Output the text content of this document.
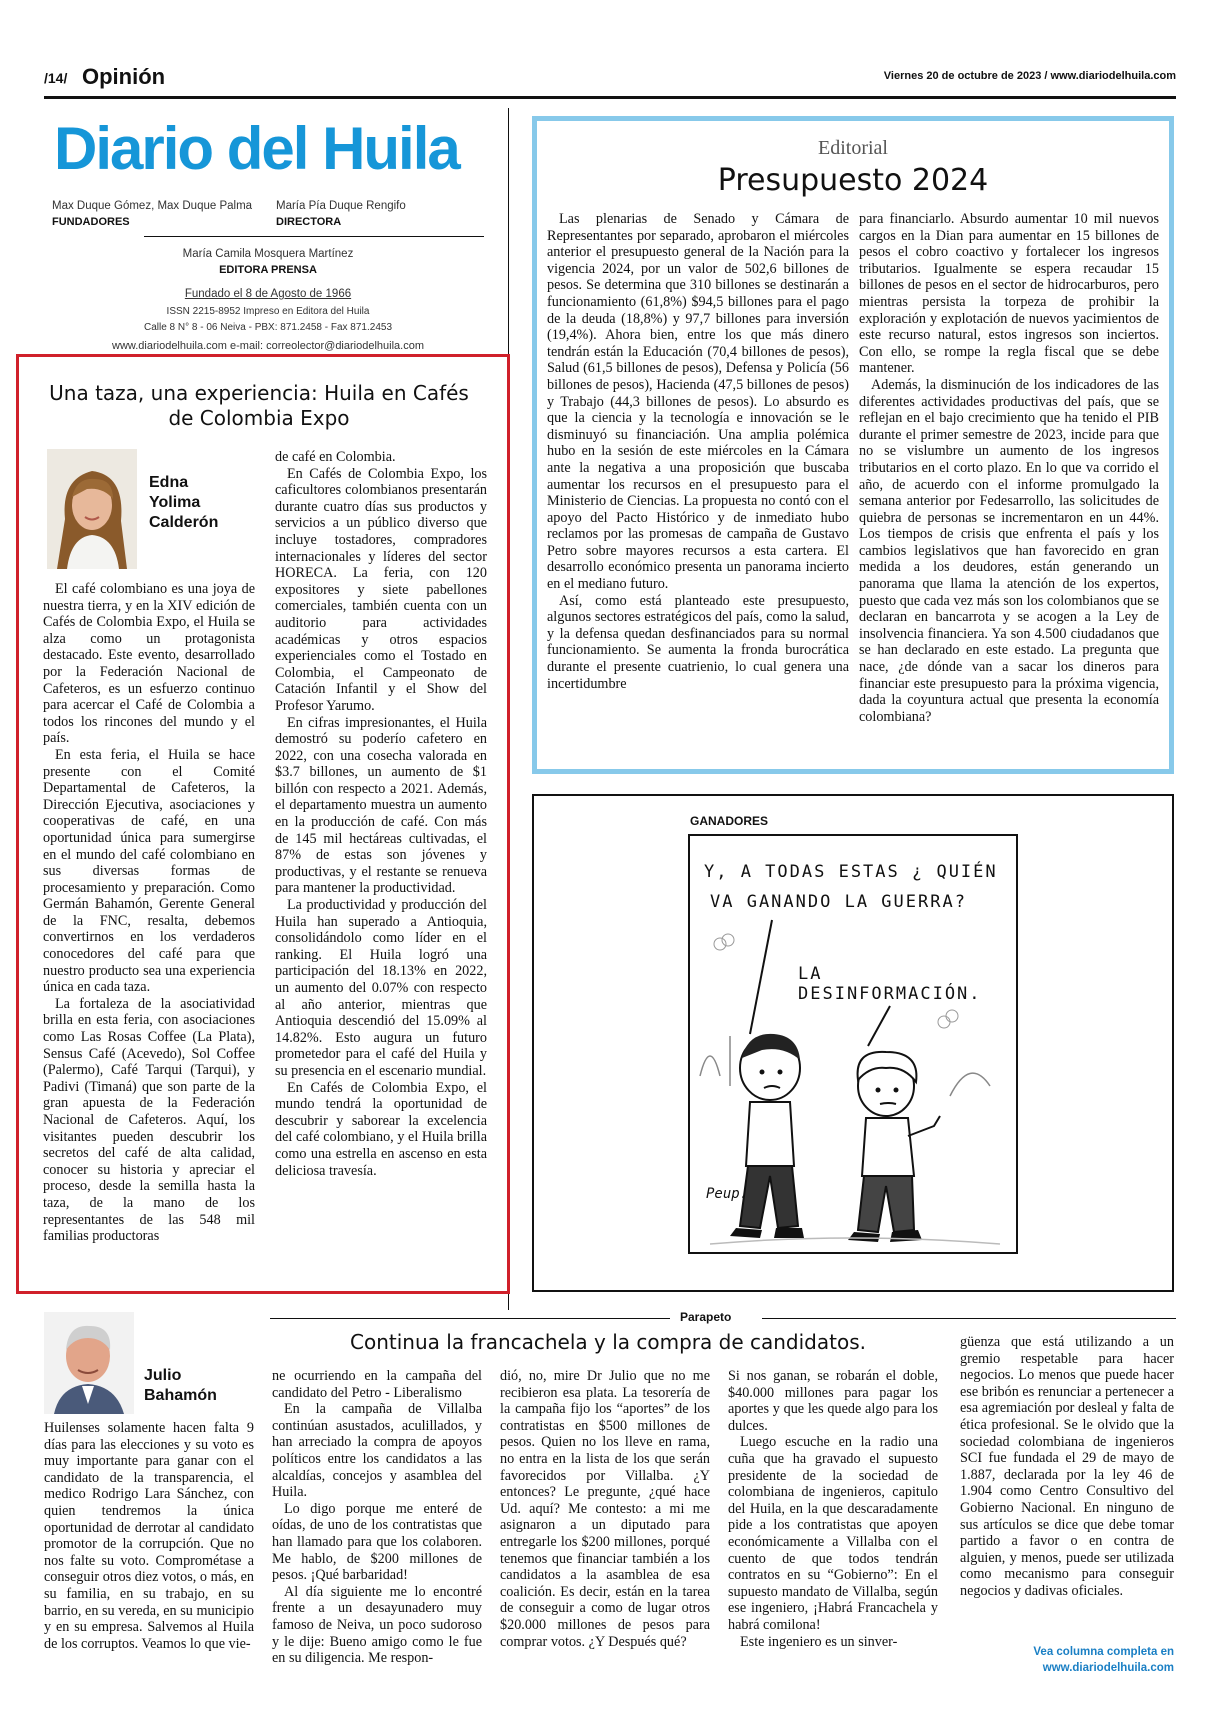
/14/ Opinión	Viernes 20 de octubre de 2023 / www.diariodelhuila.com
Diario del Huila
Max Duque Gómez, Max Duque Palma
FUNDADORES
María Pía Duque Rengifo
DIRECTORA
María Camila Mosquera Martínez
EDITORA PRENSA
Fundado el 8 de Agosto de 1966
ISSN 2215-8952 Impreso en Editora del Huila
Calle 8 N° 8 - 06 Neiva - PBX: 871.2458 - Fax 871.2453
www.diariodelhuila.com e-mail: correolector@diariodelhuila.com
Editorial
Presupuesto 2024

Las plenarias de Senado y Cámara de Representantes por separado, aprobaron el miércoles anterior el presupuesto general de la Nación para la vigencia 2024, por un valor de 502,6 billones de pesos. Se determina que 310 billones se destinarán a funcionamiento (61,8%) $94,5 billones para el pago de la deuda (18,8%) y 97,7 billones para inversión (19,4%). Ahora bien, entre los que más dinero tendrán están la Educación (70,4 billones de pesos), Salud (61,5 billones de pesos), Defensa y Policía (56 billones de pesos), Hacienda (47,5 billones de pesos) y Trabajo (44,3 billones de pesos). Lo absurdo es que la ciencia y la tecnología e innovación se le disminuyó su financiación. Una amplia polémica hubo en la sesión de este miércoles en la Cámara ante la negativa a una proposición que buscaba aumentar los recursos en el presupuesto para el Ministerio de Ciencias. La propuesta no contó con el apoyo del Pacto Histórico y de inmediato hubo reclamos por las promesas de campaña de Gustavo Petro sobre mayores recursos a esta cartera. El desarrollo económico presenta un panorama incierto en el mediano futuro.

Así, como está planteado este presupuesto, algunos sectores estratégicos del país, como la salud, y la defensa quedan desfinanciados para su normal funcionamiento. Se aumenta la fronda burocrática durante el presente cuatrienio, lo cual genera una incertidumbre

para financiarlo. Absurdo aumentar 10 mil nuevos cargos en la Dian para aumentar en 15 billones de pesos el cobro coactivo y fortalecer los ingresos tributarios. Igualmente se espera recaudar 15 billones de pesos en el sector de hidrocarburos, pero mientras persista la torpeza de prohibir la exploración y explotación de nuevos yacimientos de este recurso natural, estos ingresos son inciertos. Con ello, se rompe la regla fiscal que se debe mantener.

Además, la disminución de los indicadores de las diferentes actividades productivas del país, que se reflejan en el bajo crecimiento que ha tenido el PIB durante el primer semestre de 2023, incide para que no se vislumbre un aumento de los ingresos tributarios en el corto plazo. En lo que va corrido el año, de acuerdo con el informe promulgado la semana anterior por Fedesarrollo, las solicitudes de quiebra de personas se incrementaron en un 44%. Los tiempos de crisis que enfrenta el país y los cambios legislativos que han favorecido en gran medida a los deudores, están generando un panorama que llama la atención de los expertos, puesto que cada vez más son los colombianos que se declaran en bancarrota y se acogen a la Ley de insolvencia financiera. Ya son 4.500 ciudadanos que se han declarado en este estado. La pregunta que nace, ¿de dónde van a sacar los dineros para financiar este presupuesto para la próxima vigencia, dada la coyuntura actual que presenta la economía colombiana?

Una taza, una experiencia: Huila en Cafés de Colombia Expo
Edna Yolima Calderón

El café colombiano es una joya de nuestra tierra, y en la XIV edición de Cafés de Colombia Expo, el Huila se alza como un protagonista destacado. Este evento, desarrollado por la Federación Nacional de Cafeteros, es un esfuerzo continuo para acercar el Café de Colombia a todos los rincones del mundo y el país.

En esta feria, el Huila se hace presente con el Comité Departamental de Cafeteros, la Dirección Ejecutiva, asociaciones y cooperativas de café, en una oportunidad única para sumergirse en el mundo del café colombiano en sus diversas formas de procesamiento y preparación. Como Germán Bahamón, Gerente General de la FNC, resalta, debemos convertirnos en los verdaderos conocedores del café para que nuestro producto sea una experiencia única en cada taza.

La fortaleza de la asociatividad brilla en esta feria, con asociaciones como Las Rosas Coffee (La Plata), Sensus Café (Acevedo), Sol Coffee (Palermo), Café Tarqui (Tarqui), y Padivi (Timaná) que son parte de la gran apuesta de la Federación Nacional de Cafeteros. Aquí, los visitantes pueden descubrir los secretos del café de alta calidad, conocer su historia y apreciar el proceso, desde la semilla hasta la taza, de la mano de los representantes de las 548 mil familias productoras

de café en Colombia.

En Cafés de Colombia Expo, los caficultores colombianos presentarán durante cuatro días sus productos y servicios a un público diverso que incluye tostadores, compradores internacionales y líderes del sector HORECA. La feria, con 120 expositores y siete pabellones comerciales, también cuenta con un auditorio para actividades académicas y otros espacios experienciales como el Tostado en Colombia, el Campeonato de Catación Infantil y el Show del Profesor Yarumo.

En cifras impresionantes, el Huila demostró su poderío cafetero en 2022, con una cosecha valorada en $3.7 billones, un aumento de $1 billón con respecto a 2021. Además, el departamento muestra un aumento en la producción de café. Con más de 145 mil hectáreas cultivadas, el 87% de estas son jóvenes y productivas, y el restante se renueva para mantener la productividad.

La productividad y producción del Huila han superado a Antioquia, consolidándolo como líder en el ranking. El Huila logró una participación del 18.13% en 2022, un aumento del 0.07% con respecto al año anterior, mientras que Antioquia descendió del 15.09% al 14.82%. Esto augura un futuro prometedor para el café del Huila y su presencia en el escenario mundial.

En Cafés de Colombia Expo, el mundo tendrá la oportunidad de descubrir y saborear la excelencia del café colombiano, y el Huila brilla como una estrella en ascenso en esta deliciosa travesía.

GANADORES
Y, A TODAS ESTAS ¿ QUIÉN
VA GANANDO LA GUERRA?
LA DESINFORMACIÓN.
Peup.
Parapeto
Continua la francachela y la compra de candidatos.
Julio Bahamón

Huilenses solamente hacen falta 9 días para las elecciones y su voto es muy importante para ganar con el candidato de la transparencia, el medico Rodrigo Lara Sánchez, con quien tendremos la única oportunidad de derrotar al candidato promotor de la corrupción. Que no nos falte su voto. Comprométase a conseguir otros diez votos, o más, en su familia, en su trabajo, en su barrio, en su vereda, en su municipio y en su empresa. Salvemos al Huila de los corruptos. Veamos lo que vie-

ne ocurriendo en la campaña del candidato del Petro - Liberalismo

En la campaña de Villalba continúan asustados, aculillados, y han arreciado la compra de apoyos políticos entre los candidatos a las alcaldías, concejos y asamblea del Huila.

Lo digo porque me enteré de oídas, de uno de los contratistas que han llamado para que los colaboren. Me hablo, de $200 millones de pesos. ¡Qué barbaridad!

Al día siguiente me lo encontré frente a un desayunadero muy famoso de Neiva, un poco sudoroso y le dije: Bueno amigo como le fue en su diligencia. Me respon-

dió, no, mire Dr Julio que no me recibieron esa plata. La tesorería de la campaña fijo los “aportes” de los contratistas en $500 millones de pesos. Quien no los lleve en rama, no entra en la lista de los que serán favorecidos por Villalba. ¿Y entonces? Le pregunte, ¿qué hace Ud. aquí? Me contesto: a mi me asignaron a un diputado para entregarle los $200 millones, porqué tenemos que financiar también a los candidatos a la asamblea de esa coalición. Es decir, están en la tarea de conseguir a como de lugar otros $20.000 millones de pesos para comprar votos. ¿Y Después qué?

Si nos ganan, se robarán el doble, $40.000 millones para pagar los aportes y que les quede algo para los dulces.

Luego escuche en la radio una cuña que ha gravado el supuesto presidente de la sociedad de colombiana de ingenieros, capitulo del Huila, en la que descaradamente pide a los contratistas que apoyen económicamente a Villalba con el cuento de que todos tendrán contratos en su “Gobierno”: En el supuesto mandato de Villalba, según ese ingeniero, ¡Habrá Francachela y habrá comilona!

Este ingeniero es un sinver-

güenza que está utilizando a un gremio respetable para hacer negocios. Lo menos que puede hacer ese bribón es renunciar a pertenecer a esa agremiación por desleal y falta de ética profesional. Se le olvido que la sociedad colombiana de ingenieros SCI fue fundada el 29 de mayo de 1.887, declarada por la ley 46 de 1.904 como Centro Consultivo del Gobierno Nacional. En ninguno de sus artículos se dice que debe tomar partido a favor o en contra de alguien, y menos, puede ser utilizada como mecanismo para conseguir negocios y dadivas oficiales.

Vea columna completa en
www.diariodelhuila.com
